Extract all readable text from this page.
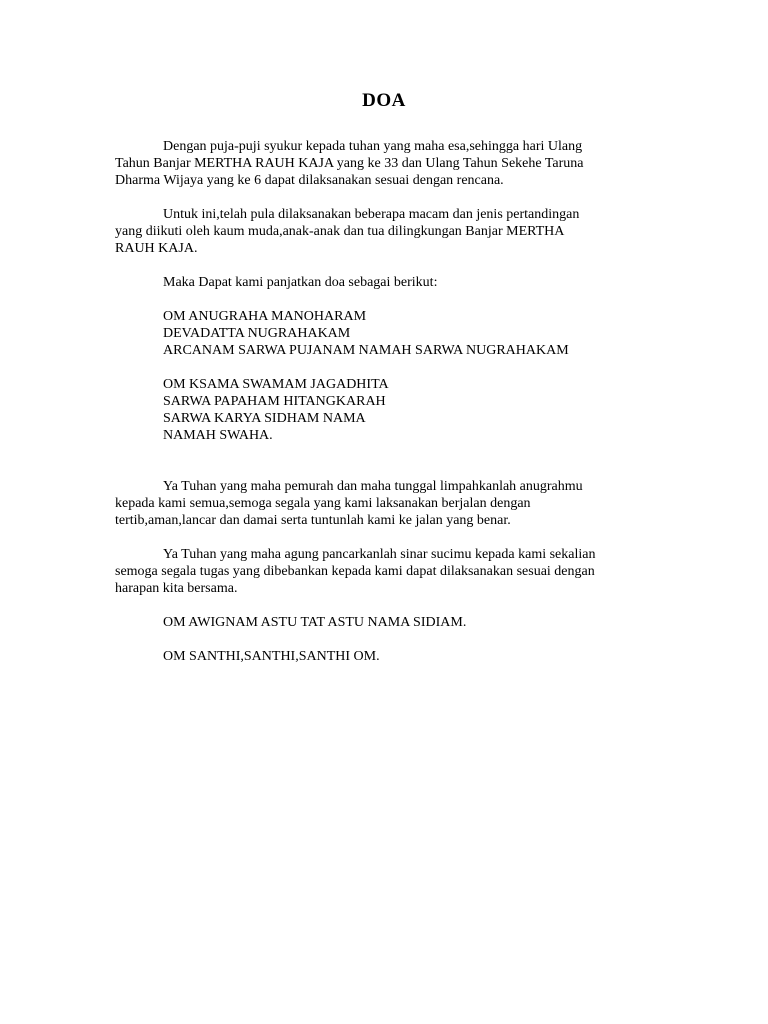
DOA
Dengan puja-puji syukur kepada tuhan yang maha esa,sehingga hari Ulang
Tahun Banjar MERTHA RAUH KAJA yang ke 33 dan Ulang Tahun Sekehe Taruna
Dharma Wijaya yang ke 6 dapat dilaksanakan sesuai dengan rencana.
Untuk ini,telah pula dilaksanakan beberapa macam dan jenis pertandingan
yang diikuti oleh kaum muda,anak-anak dan tua dilingkungan Banjar MERTHA
RAUH KAJA.
Maka Dapat kami panjatkan doa sebagai berikut:
OM ANUGRAHA MANOHARAM
DEVADATTA NUGRAHAKAM
ARCANAM SARWA PUJANAM NAMAH SARWA NUGRAHAKAM
OM KSAMA SWAMAM JAGADHITA
SARWA PAPAHAM HITANGKARAH
SARWA KARYA SIDHAM NAMA
NAMAH SWAHA.
Ya Tuhan yang maha pemurah dan maha tunggal limpahkanlah anugrahmu
kepada kami semua,semoga segala yang kami laksanakan berjalan dengan
tertib,aman,lancar dan damai serta tuntunlah kami ke jalan yang benar.
Ya Tuhan yang maha agung pancarkanlah sinar sucimu kepada kami sekalian
semoga segala tugas yang dibebankan kepada kami dapat dilaksanakan sesuai dengan
harapan kita bersama.
OM AWIGNAM ASTU TAT ASTU NAMA SIDIAM.
OM SANTHI,SANTHI,SANTHI OM.
